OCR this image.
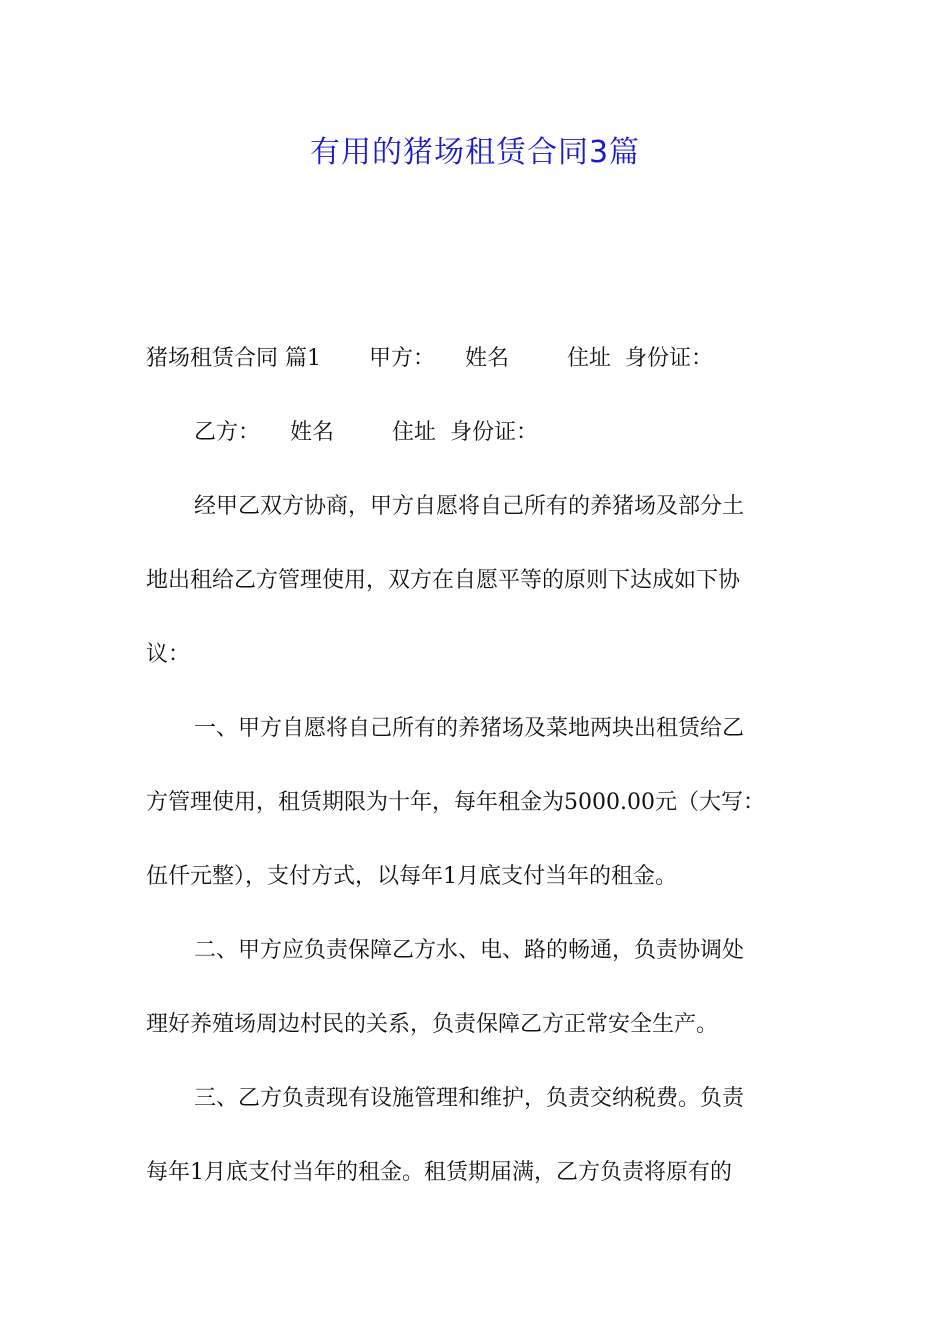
有用的猪场租赁合同3篇
猪场租赁合同 篇1 甲方： 姓名	住址 身份证：
乙方： 姓名	住址 身份证：
经甲乙双方协商，甲方自愿将自己所有的养猪场及部分土
地出租给乙方管理使用，双方在自愿平等的原则下达成如下协
议：
一、甲方自愿将自己所有的养猪场及菜地两块出租赁给乙
方管理使用，租赁期限为十年，每年租金为5000.00元（大写：
伍仟元整），支付方式，以每年1月底支付当年的租金。
二、甲方应负责保障乙方水、电、路的畅通，负责协调处
理好养殖场周边村民的关系，负责保障乙方正常安全生产。
三、乙方负责现有设施管理和维护，负责交纳税费。负责
每年1月底支付当年的租金。租赁期届满，乙方负责将原有的
